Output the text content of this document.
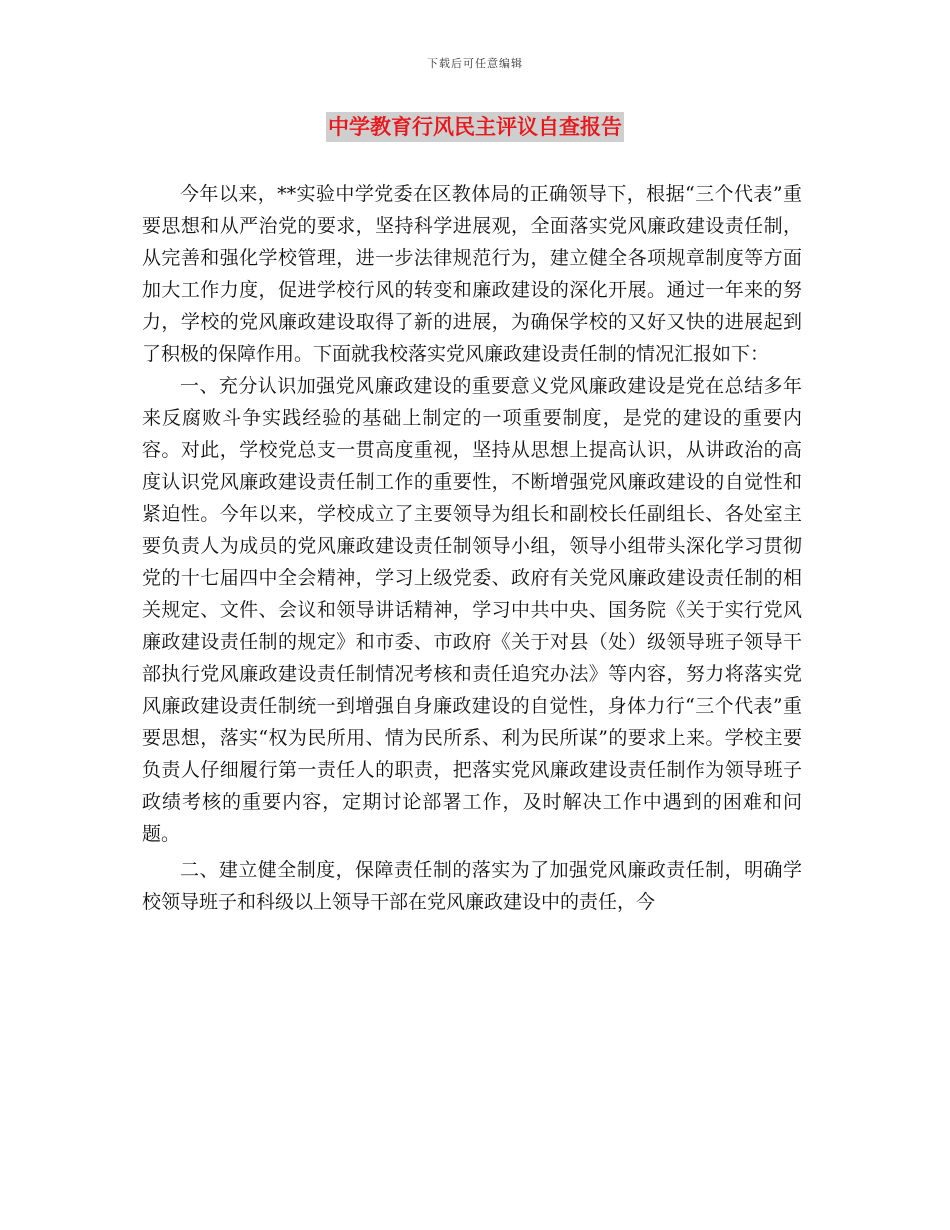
下载后可任意编辑
中学教育行风民主评议自查报告

今年以来，**实验中学党委在区教体局的正确领导下，根据“三个代表”重要思想和从严治党的要求，坚持科学进展观，全面落实党风廉政建设责任制，从完善和强化学校管理，进一步法律规范行为，建立健全各项规章制度等方面加大工作力度，促进学校行风的转变和廉政建设的深化开展。通过一年来的努力，学校的党风廉政建设取得了新的进展，为确保学校的又好又快的进展起到了积极的保障作用。下面就我校落实党风廉政建设责任制的情况汇报如下：

一、充分认识加强党风廉政建设的重要意义党风廉政建设是党在总结多年来反腐败斗争实践经验的基础上制定的一项重要制度，是党的建设的重要内容。对此，学校党总支一贯高度重视，坚持从思想上提高认识，从讲政治的高度认识党风廉政建设责任制工作的重要性，不断增强党风廉政建设的自觉性和紧迫性。今年以来，学校成立了主要领导为组长和副校长任副组长、各处室主要负责人为成员的党风廉政建设责任制领导小组，领导小组带头深化学习贯彻党的十七届四中全会精神，学习上级党委、政府有关党风廉政建设责任制的相关规定、文件、会议和领导讲话精神，学习中共中央、国务院《关于实行党风廉政建设责任制的规定》和市委、市政府《关于对县（处）级领导班子领导干部执行党风廉政建设责任制情况考核和责任追究办法》等内容，努力将落实党风廉政建设责任制统一到增强自身廉政建设的自觉性，身体力行“三个代表”重要思想，落实“权为民所用、情为民所系、利为民所谋”的要求上来。学校主要负责人仔细履行第一责任人的职责，把落实党风廉政建设责任制作为领导班子政绩考核的重要内容，定期讨论部署工作，及时解决工作中遇到的困难和问题。

二、建立健全制度，保障责任制的落实为了加强党风廉政责任制，明确学校领导班子和科级以上领导干部在党风廉政建设中的责任，今
